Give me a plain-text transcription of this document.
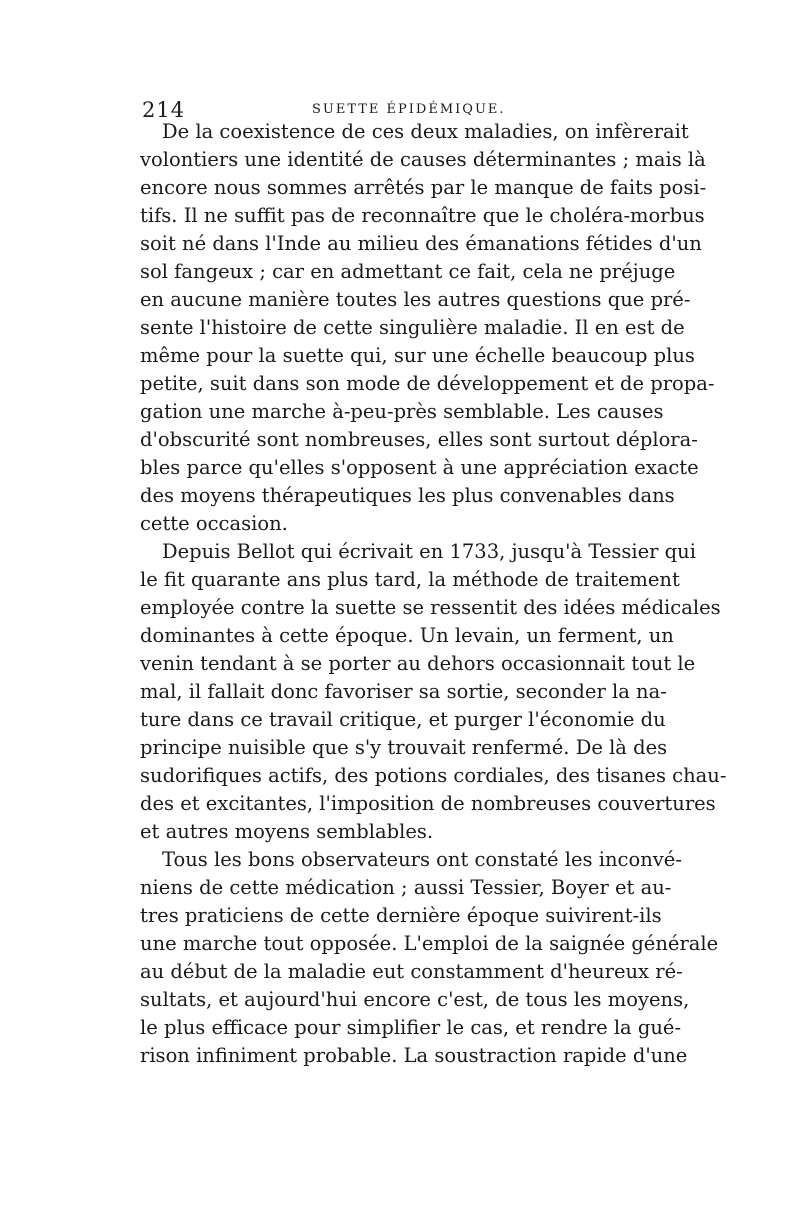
214	SUETTE ÉPIDÉMIQUE.
De la coexistence de ces deux maladies, on infèrerait
volontiers une identité de causes déterminantes ; mais là
encore nous sommes arrêtés par le manque de faits posi-
tifs. Il ne suffit pas de reconnaître que le choléra-morbus
soit né dans l'Inde au milieu des émanations fétides d'un
sol fangeux ; car en admettant ce fait, cela ne préjuge
en aucune manière toutes les autres questions que pré-
sente l'histoire de cette singulière maladie. Il en est de
même pour la suette qui, sur une échelle beaucoup plus
petite, suit dans son mode de développement et de propa-
gation une marche à-peu-près semblable. Les causes
d'obscurité sont nombreuses, elles sont surtout déplora-
bles parce qu'elles s'opposent à une appréciation exacte
des moyens thérapeutiques les plus convenables dans
cette occasion.
Depuis Bellot qui écrivait en 1733, jusqu'à Tessier qui
le fit quarante ans plus tard, la méthode de traitement
employée contre la suette se ressentit des idées médicales
dominantes à cette époque. Un levain, un ferment, un
venin tendant à se porter au dehors occasionnait tout le
mal, il fallait donc favoriser sa sortie, seconder la na-
ture dans ce travail critique, et purger l'économie du
principe nuisible que s'y trouvait renfermé. De là des
sudorifiques actifs, des potions cordiales, des tisanes chau-
des et excitantes, l'imposition de nombreuses couvertures
et autres moyens semblables.
Tous les bons observateurs ont constaté les inconvé-
niens de cette médication ; aussi Tessier, Boyer et au-
tres praticiens de cette dernière époque suivirent-ils
une marche tout opposée. L'emploi de la saignée générale
au début de la maladie eut constamment d'heureux ré-
sultats, et aujourd'hui encore c'est, de tous les moyens,
le plus efficace pour simplifier le cas, et rendre la gué-
rison infiniment probable. La soustraction rapide d'une
